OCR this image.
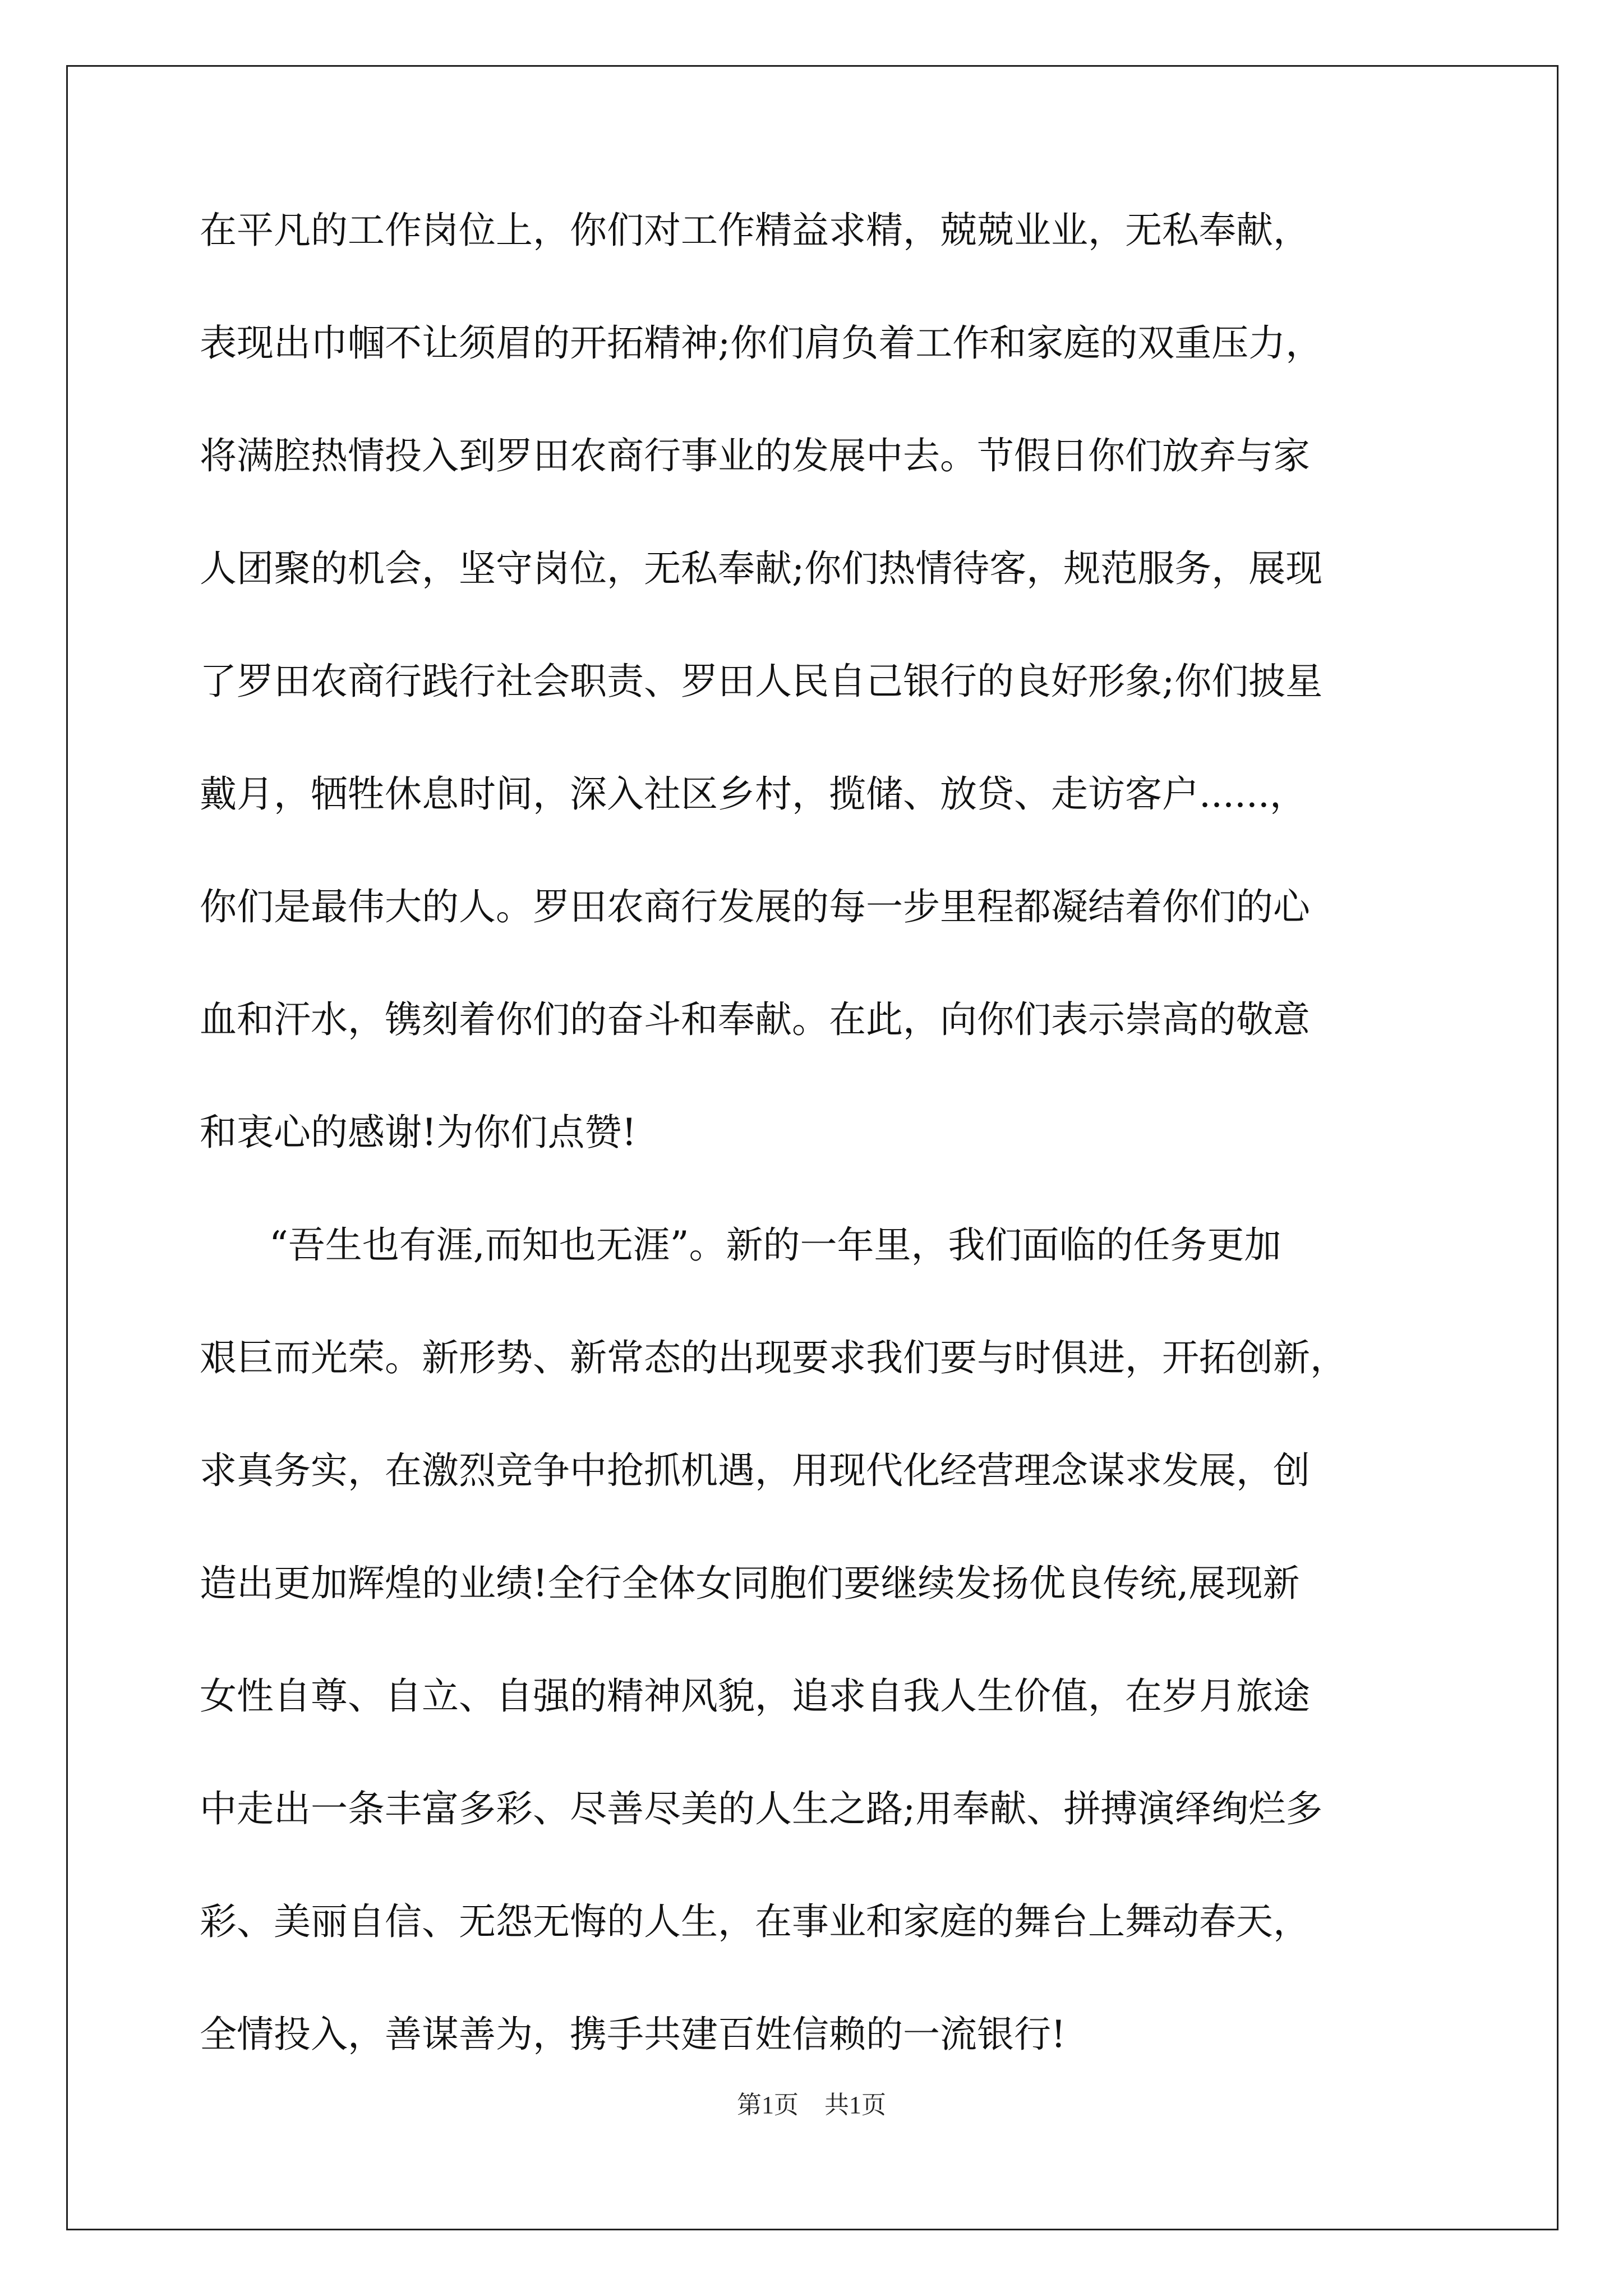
在平凡的工作岗位上，你们对工作精益求精，兢兢业业，无私奉献，

表现出巾帼不让须眉的开拓精神;你们肩负着工作和家庭的双重压力，

将满腔热情投入到罗田农商行事业的发展中去。节假日你们放弃与家

人团聚的机会，坚守岗位，无私奉献;你们热情待客，规范服务，展现

了罗田农商行践行社会职责、罗田人民自己银行的良好形象;你们披星

戴月，牺牲休息时间，深入社区乡村，揽储、放贷、走访客户......，

你们是最伟大的人。罗田农商行发展的每一步里程都凝结着你们的心

血和汗水，镌刻着你们的奋斗和奉献。在此，向你们表示崇高的敬意

和衷心的感谢!为你们点赞!

“吾生也有涯,而知也无涯”。新的一年里，我们面临的任务更加

艰巨而光荣。新形势、新常态的出现要求我们要与时俱进，开拓创新，

求真务实，在激烈竞争中抢抓机遇，用现代化经营理念谋求发展，创

造出更加辉煌的业绩!全行全体女同胞们要继续发扬优良传统,展现新

女性自尊、自立、自强的精神风貌，追求自我人生价值，在岁月旅途

中走出一条丰富多彩、尽善尽美的人生之路;用奉献、拼搏演绎绚烂多

彩、美丽自信、无怨无悔的人生，在事业和家庭的舞台上舞动春天，

全情投入，善谋善为，携手共建百姓信赖的一流银行!

第1页 共1页
